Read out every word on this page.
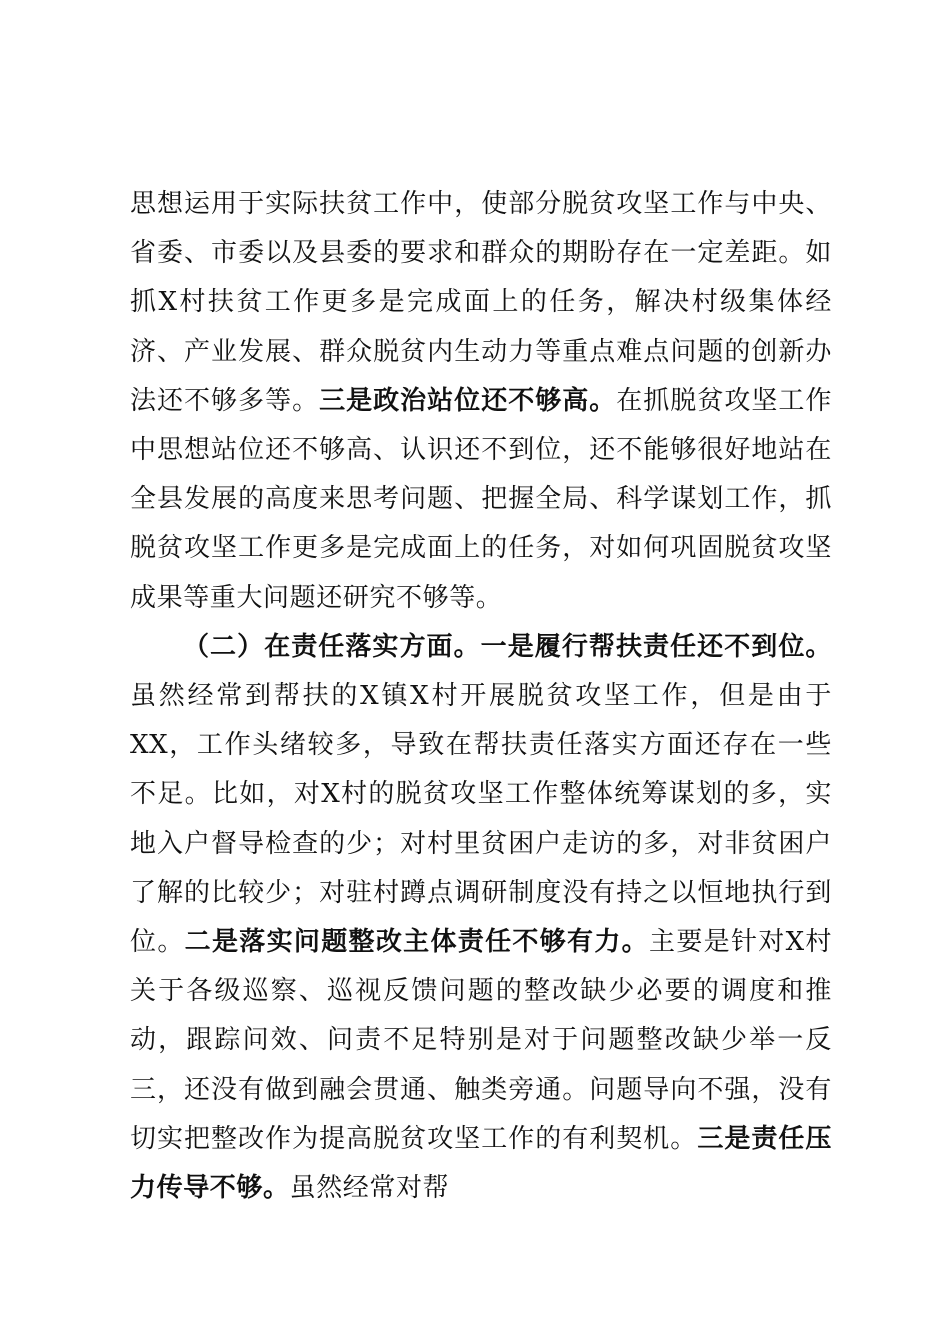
思想运用于实际扶贫工作中，使部分脱贫攻坚工作与中央、省委、市委以及县委的要求和群众的期盼存在一定差距。如抓X村扶贫工作更多是完成面上的任务，解决村级集体经济、产业发展、群众脱贫内生动力等重点难点问题的创新办法还不够多等。三是政治站位还不够高。在抓脱贫攻坚工作中思想站位还不够高、认识还不到位，还不能够很好地站在全县发展的高度来思考问题、把握全局、科学谋划工作，抓脱贫攻坚工作更多是完成面上的任务，对如何巩固脱贫攻坚成果等重大问题还研究不够等。

（二）在责任落实方面。一是履行帮扶责任还不到位。虽然经常到帮扶的X镇X村开展脱贫攻坚工作，但是由于XX，工作头绪较多，导致在帮扶责任落实方面还存在一些不足。比如，对X村的脱贫攻坚工作整体统筹谋划的多，实地入户督导检查的少；对村里贫困户走访的多，对非贫困户了解的比较少；对驻村蹲点调研制度没有持之以恒地执行到位。二是落实问题整改主体责任不够有力。主要是针对X村关于各级巡察、巡视反馈问题的整改缺少必要的调度和推动，跟踪问效、问责不足特别是对于问题整改缺少举一反三，还没有做到融会贯通、触类旁通。问题导向不强，没有切实把整改作为提高脱贫攻坚工作的有利契机。三是责任压力传导不够。虽然经常对帮
